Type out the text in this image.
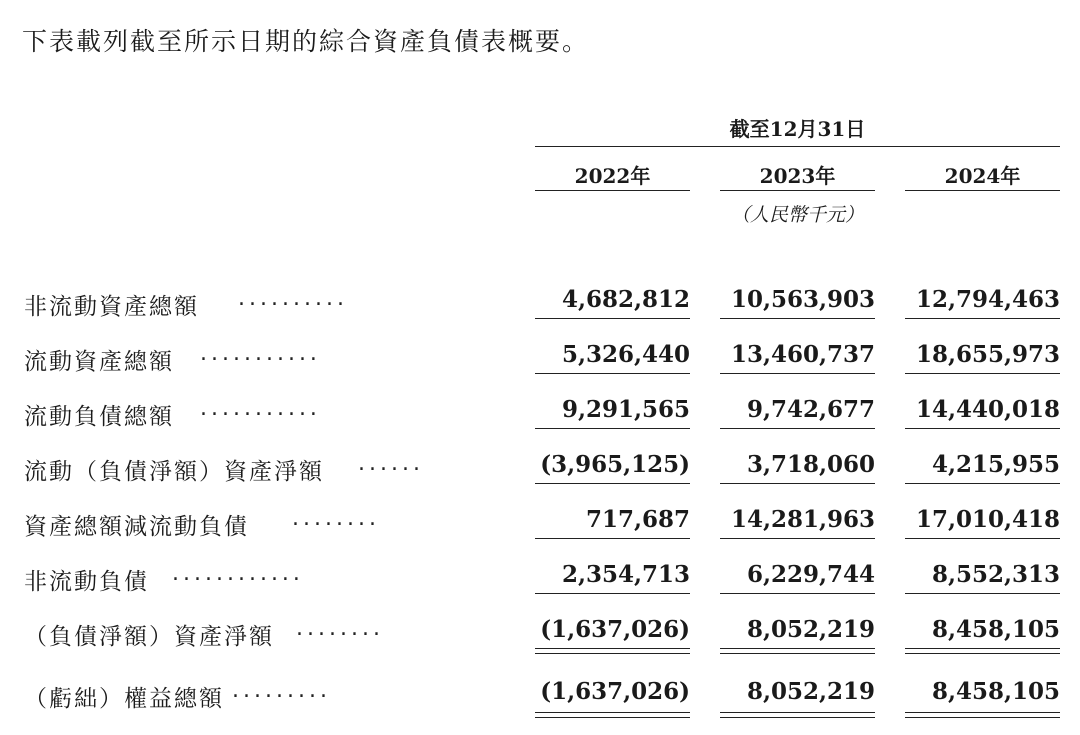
下表載列截至所示日期的綜合資產負債表概要。
截至12月31日
2022年	2023年	2024年
（人民幣千元）
非流動資產總額 ..........	4,682,812	10,563,903	12,794,463
流動資產總額 ...........	5,326,440	13,460,737	18,655,973
流動負債總額 ...........	9,291,565	9,742,677	14,440,018
流動（負債淨額）資產淨額 ......	(3,965,125)	3,718,060	4,215,955
資產總額減流動負債 ........	717,687	14,281,963	17,010,418
非流動負債 ............	2,354,713	6,229,744	8,552,313
（負債淨額）資產淨額 ........	(1,637,026)	8,052,219	8,458,105
（虧絀）權益總額 .........	(1,637,026)	8,052,219	8,458,105
